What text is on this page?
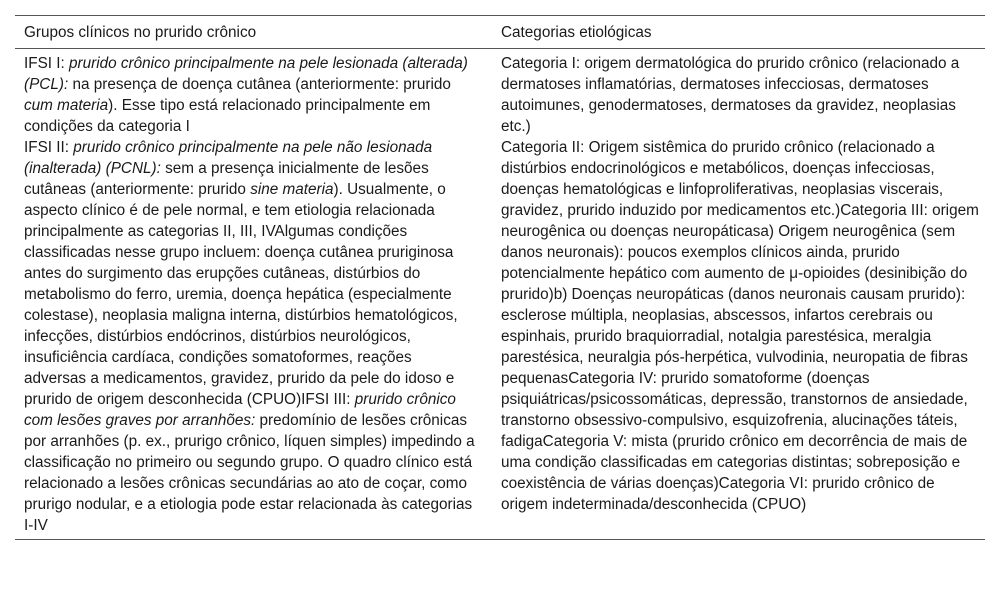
Grupos clínicos no prurido crônico	Categorias etiológicas

IFSI I: prurido crônico principalmente na pele lesionada (alterada) (PCL): na presença de doença cutânea (anteriormente: prurido cum materia). Esse tipo está relacionado principalmente em condições da categoria I

IFSI II: prurido crônico principalmente na pele não lesionada (inalterada) (PCNL): sem a presença inicialmente de lesões cutâneas (anteriormente: prurido sine materia). Usualmente, o aspecto clínico é de pele normal, e tem etiologia relacionada principalmente as categorias II, III, IVAlgumas condições classificadas nesse grupo incluem: doença cutânea pruriginosa antes do surgimento das erupções cutâneas, distúrbios do metabolismo do ferro, uremia, doença hepática (especialmente colestase), neoplasia maligna interna, distúrbios hematológicos, infecções, distúrbios endócrinos, distúrbios neurológicos, insuficiência cardíaca, condições somatoformes, reações adversas a medicamentos, gravidez, prurido da pele do idoso e prurido de origem desconhecida (CPUO)IFSI III: prurido crônico com lesões graves por arranhões: predomínio de lesões crônicas por arranhões (p. ex., prurigo crônico, líquen simples) impedindo a classificação no primeiro ou segundo grupo. O quadro clínico está relacionado a lesões crônicas secundárias ao ato de coçar, como prurigo nodular, e a etiologia pode estar relacionada às categorias I-IV

Categoria I: origem dermatológica do prurido crônico (relacionado a dermatoses inflamatórias, dermatoses infecciosas, dermatoses autoimunes, genodermatoses, dermatoses da gravidez, neoplasias etc.)

Categoria II: Origem sistêmica do prurido crônico (relacionado a distúrbios endocrinológicos e metabólicos, doenças infecciosas, doenças hematológicas e linfoproliferativas, neoplasias viscerais, gravidez, prurido induzido por medicamentos etc.)Categoria III: origem neurogênica ou doenças neuropáticasa) Origem neurogênica (sem danos neuronais): poucos exemplos clínicos ainda, prurido potencialmente hepático com aumento de μ-opioides (desinibição do prurido)b) Doenças neuropáticas (danos neuronais causam prurido): esclerose múltipla, neoplasias, abscessos, infartos cerebrais ou espinhais, prurido braquiorradial, notalgia parestésica, meralgia parestésica, neuralgia pós-herpética, vulvodinia, neuropatia de fibras pequenasCategoria IV: prurido somatoforme (doenças psiquiátricas/psicossomáticas, depressão, transtornos de ansiedade, transtorno obsessivo-compulsivo, esquizofrenia, alucinações táteis, fadigaCategoria V: mista (prurido crônico em decorrência de mais de uma condição classificadas em categorias distintas; sobreposição e coexistência de várias doenças)Categoria VI: prurido crônico de origem indeterminada/desconhecida (CPUO)
